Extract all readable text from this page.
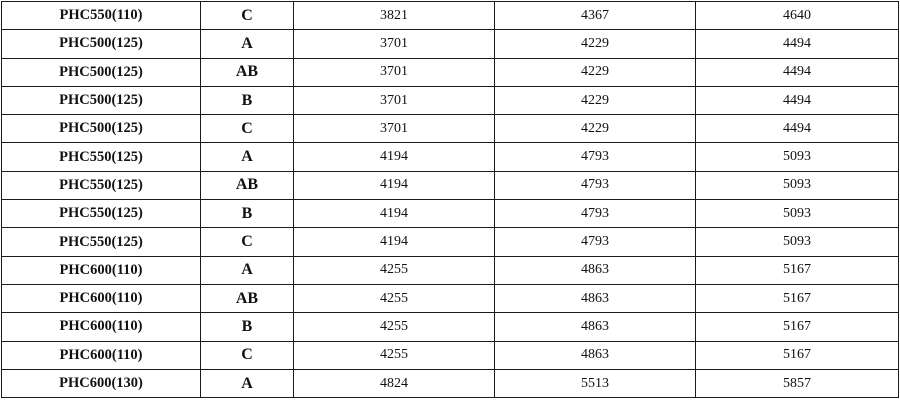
PHC550(110)	C	3821	4367	4640
PHC500(125)	A	3701	4229	4494
PHC500(125)	AB	3701	4229	4494
PHC500(125)	B	3701	4229	4494
PHC500(125)	C	3701	4229	4494
PHC550(125)	A	4194	4793	5093
PHC550(125)	AB	4194	4793	5093
PHC550(125)	B	4194	4793	5093
PHC550(125)	C	4194	4793	5093
PHC600(110)	A	4255	4863	5167
PHC600(110)	AB	4255	4863	5167
PHC600(110)	B	4255	4863	5167
PHC600(110)	C	4255	4863	5167
PHC600(130)	A	4824	5513	5857
